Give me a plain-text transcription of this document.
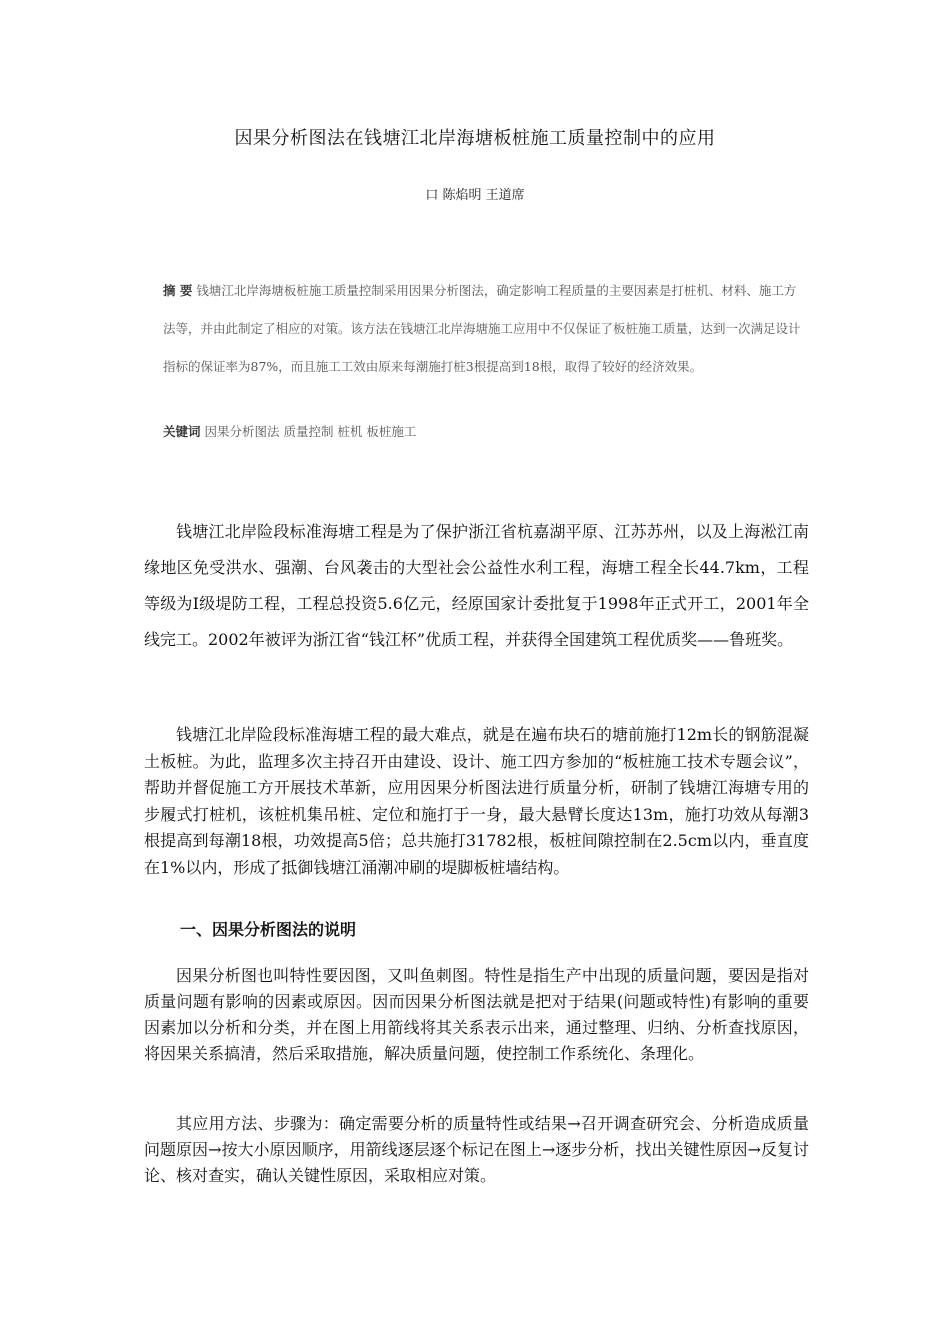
因果分析图法在钱塘江北岸海塘板桩施工质量控制中的应用
口 陈焰明 王道席
摘 要 钱塘江北岸海塘板桩施工质量控制采用因果分析图法，确定影响工程质量的主要因素是打桩机、材料、施工方法等，并由此制定了相应的对策。该方法在钱塘江北岸海塘施工应用中不仅保证了板桩施工质量，达到一次满足设计指标的保证率为87%，而且施工工效由原来每潮施打桩3根提高到18根，取得了较好的经济效果。
关键词 因果分析图法 质量控制 桩机 板桩施工

钱塘江北岸险段标准海塘工程是为了保护浙江省杭嘉湖平原、江苏苏州，以及上海淞江南缘地区免受洪水、强潮、台风袭击的大型社会公益性水利工程，海塘工程全长44.7km，工程等级为Ⅰ级堤防工程，工程总投资5.6亿元，经原国家计委批复于1998年正式开工，2001年全线完工。2002年被评为浙江省“钱江杯”优质工程，并获得全国建筑工程优质奖——鲁班奖。

钱塘江北岸险段标准海塘工程的最大难点，就是在遍布块石的塘前施打12m长的钢筋混凝土板桩。为此，监理多次主持召开由建设、设计、施工四方参加的“板桩施工技术专题会议”，帮助并督促施工方开展技术革新，应用因果分析图法进行质量分析，研制了钱塘江海塘专用的步履式打桩机，该桩机集吊桩、定位和施打于一身，最大悬臂长度达13m，施打功效从每潮3根提高到每潮18根，功效提高5倍；总共施打31782根，板桩间隙控制在2.5cm以内，垂直度在1%以内，形成了抵御钱塘江涌潮冲刷的堤脚板桩墙结构。

一、因果分析图法的说明

因果分析图也叫特性要因图，又叫鱼刺图。特性是指生产中出现的质量问题，要因是指对质量问题有影响的因素或原因。因而因果分析图法就是把对于结果(问题或特性)有影响的重要因素加以分析和分类，并在图上用箭线将其关系表示出来，通过整理、归纳、分析查找原因，将因果关系搞清，然后采取措施，解决质量问题，使控制工作系统化、条理化。

其应用方法、步骤为：确定需要分析的质量特性或结果→召开调查研究会、分析造成质量问题原因→按大小原因顺序，用箭线逐层逐个标记在图上→逐步分析，找出关键性原因→反复讨论、核对查实，确认关键性原因，采取相应对策。
